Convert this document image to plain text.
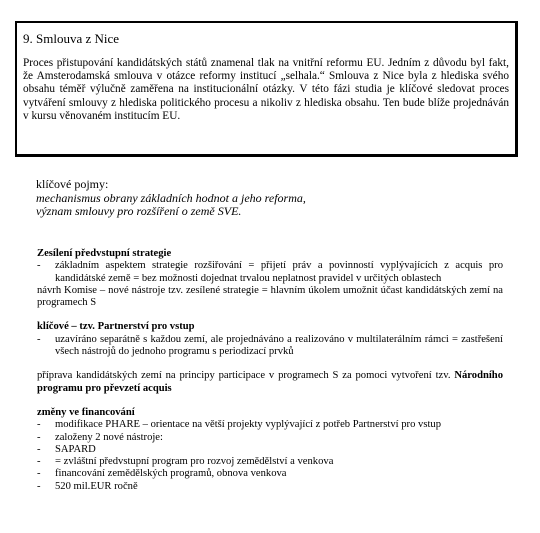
9. Smlouva z Nice

Proces přistupování kandidátských států znamenal tlak na vnitřní reformu EU. Jedním z důvodu byl fakt, že Amsterodamská smlouva v otázce reformy institucí „selhala.“ Smlouva z Nice byla z hlediska svého obsahu téměř výlučně zaměřena na institucionální otázky. V této fázi studia je klíčové sledovat proces vytváření smlouvy z hlediska politického procesu a nikoliv z hlediska obsahu. Ten bude blíže projednáván v kursu věnovaném institucím EU.

klíčové pojmy:
mechanismus obrany základních hodnot a jeho reforma,
význam smlouvy pro rozšíření o země SVE.
Zesílení předvstupní strategie
- základním aspektem strategie rozšiřování = přijetí práv a povinností vyplývajících z acquis pro kandidátské země = bez možnosti dojednat trvalou neplatnost pravidel v určitých oblastech
návrh Komise – nové nástroje tzv. zesílené strategie = hlavním úkolem umožnit účast kandidátských zemí na programech S
klíčové – tzv. Partnerství pro vstup
- uzavíráno separátně s každou zemí, ale projednáváno a realizováno v multilaterálním rámci = zastřešení všech nástrojů do jednoho programu s periodizací prvků
příprava kandidátských zemí na principy participace v programech S za pomoci vytvoření tzv. Národního programu pro převzetí acquis
změny ve financování
- modifikace PHARE – orientace na větší projekty vyplývající z potřeb Partnerství pro vstup
- založeny 2 nové nástroje:
- SAPARD
- = zvláštní předvstupní program pro rozvoj zemědělství a venkova
- financování zemědělských programů, obnova venkova
- 520 mil.EUR ročně
